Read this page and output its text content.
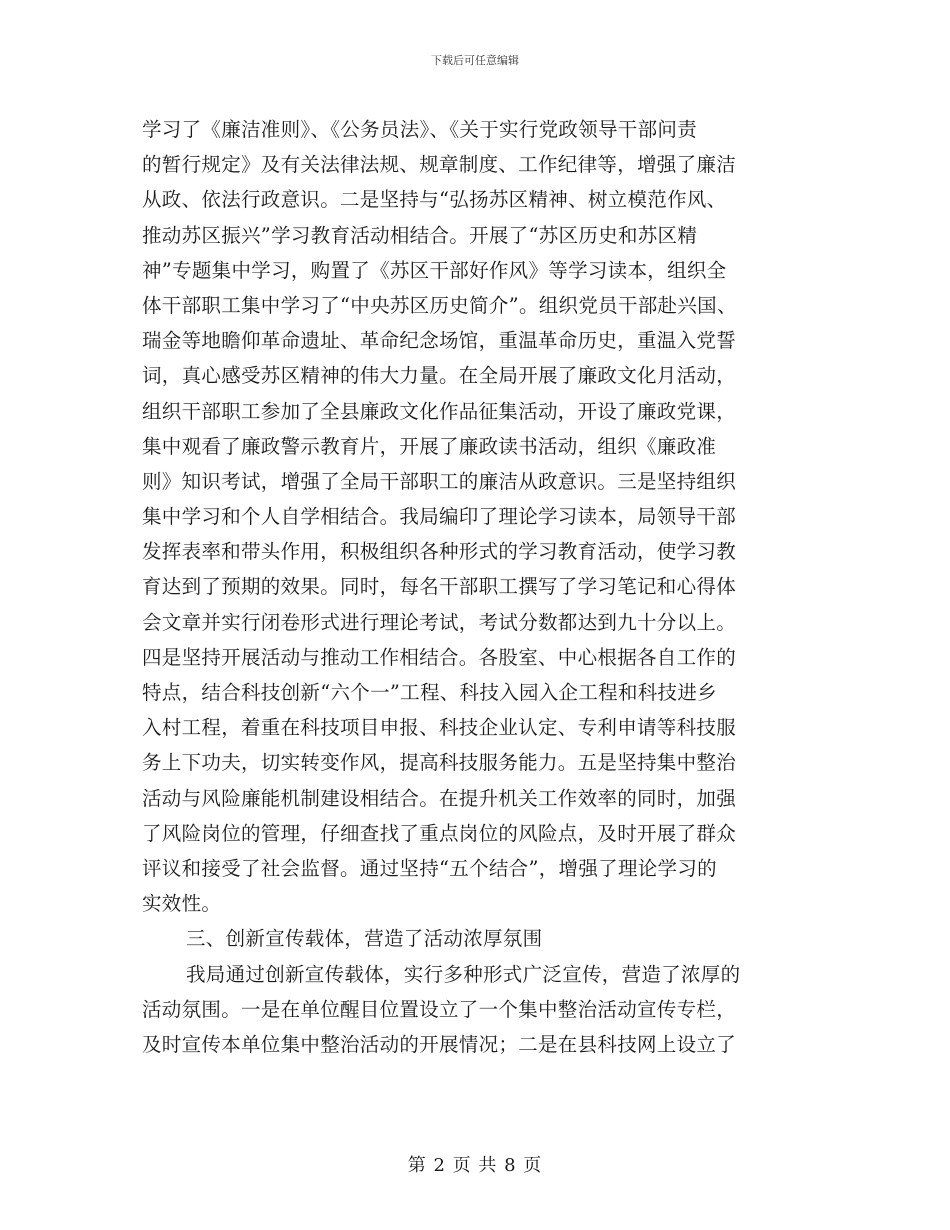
下载后可任意编辑
学习了《廉洁准则》、《公务员法》、《关于实行党政领导干部问责
的暂行规定》及有关法律法规、规章制度、工作纪律等，增强了廉洁
从政、依法行政意识。二是坚持与“弘扬苏区精神、树立模范作风、
推动苏区振兴”学习教育活动相结合。开展了“苏区历史和苏区精
神”专题集中学习，购置了《苏区干部好作风》等学习读本，组织全
体干部职工集中学习了“中央苏区历史简介”。组织党员干部赴兴国、
瑞金等地瞻仰革命遗址、革命纪念场馆，重温革命历史，重温入党誓
词，真心感受苏区精神的伟大力量。在全局开展了廉政文化月活动，
组织干部职工参加了全县廉政文化作品征集活动，开设了廉政党课，
集中观看了廉政警示教育片，开展了廉政读书活动，组织《廉政准
则》知识考试，增强了全局干部职工的廉洁从政意识。三是坚持组织
集中学习和个人自学相结合。我局编印了理论学习读本，局领导干部
发挥表率和带头作用，积极组织各种形式的学习教育活动，使学习教
育达到了预期的效果。同时，每名干部职工撰写了学习笔记和心得体
会文章并实行闭卷形式进行理论考试，考试分数都达到九十分以上。
四是坚持开展活动与推动工作相结合。各股室、中心根据各自工作的
特点，结合科技创新“六个一”工程、科技入园入企工程和科技进乡
入村工程，着重在科技项目申报、科技企业认定、专利申请等科技服
务上下功夫，切实转变作风，提高科技服务能力。五是坚持集中整治
活动与风险廉能机制建设相结合。在提升机关工作效率的同时，加强
了风险岗位的管理，仔细查找了重点岗位的风险点，及时开展了群众
评议和接受了社会监督。通过坚持“五个结合”，增强了理论学习的
实效性。
三、创新宣传载体，营造了活动浓厚氛围
我局通过创新宣传载体，实行多种形式广泛宣传，营造了浓厚的
活动氛围。一是在单位醒目位置设立了一个集中整治活动宣传专栏，
及时宣传本单位集中整治活动的开展情况；二是在县科技网上设立了
第 2 页 共 8 页
